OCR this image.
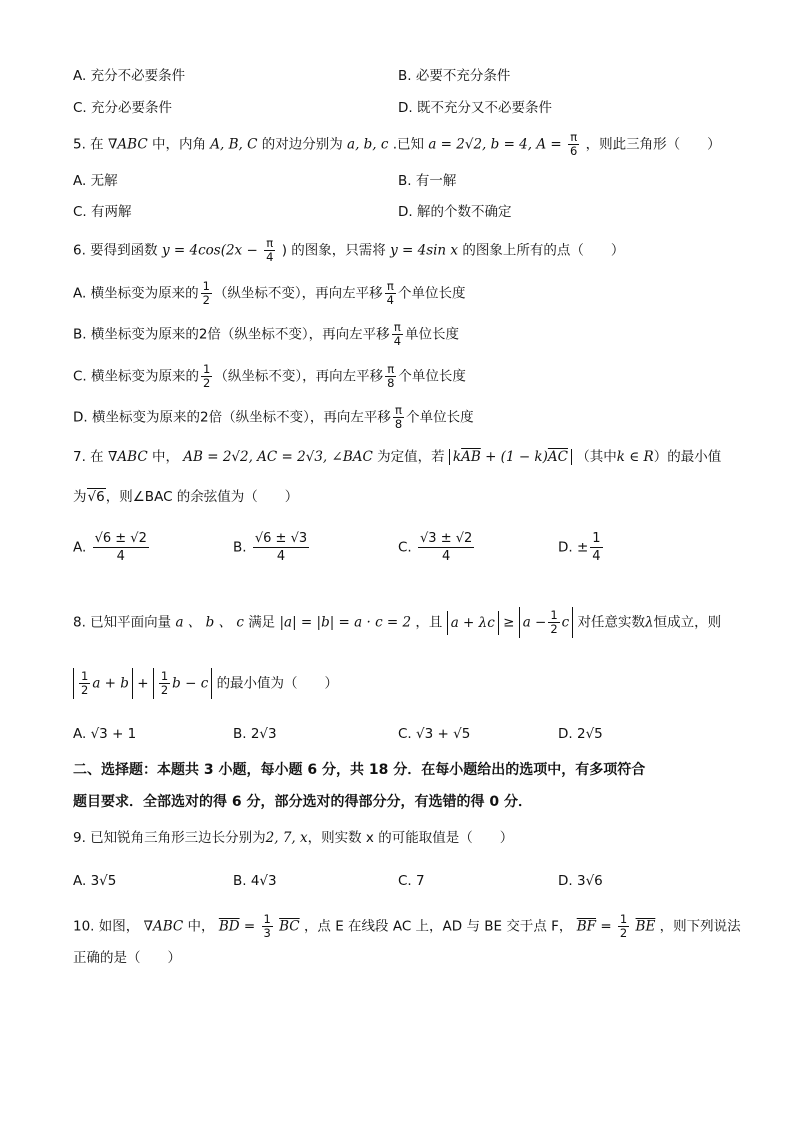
A. 充分不必要条件	B. 必要不充分条件
C. 充分必要条件	D. 既不充分又不必要条件
5. 在 ∇ABC 中，内角 A, B, C 的对边分别为 a, b, c .已知 a = 2√2, b = 4, $A = \frac{\pi}{6}$ ，则此三角形（　　）
A. 无解	B. 有一解
C. 有两解	D. 解的个数不确定
6. 要得到函数 $y = 4\cos(2x - \frac{\pi}{4}$ ) 的图象，只需将 y = 4sin x 的图象上所有的点（　　）
A. 横坐标变为原来的 $\frac{1}{2}$ （纵坐标不变），再向左平移 $\frac{\pi}{4}$ 个单位长度
B. 横坐标变为原来的2倍（纵坐标不变），再向左平移 $\frac{\pi}{4}$ 单位长度
C. 横坐标变为原来的 $\frac{1}{2}$ （纵坐标不变），再向左平移 $\frac{\pi}{8}$ 个单位长度
D. 横坐标变为原来的2倍（纵坐标不变），再向左平移 $\frac{\pi}{8}$ 个单位长度
7. 在 ∇ABC 中， AB = 2√2, AC = 2√3, ∠BAC 为定值，若 $k\overline{AB} + (1 - k)\overline{AC}$ （其中k ∈ R）的最小值
为√6，则∠BAC 的余弦值为（　　）
A. $\frac{√6 \pm √2}{4}$	B. $\frac{√6 \pm √3}{4}$	C. $\frac{√3 \pm √2}{4}$	D. ± $\frac{1}{4}$
8. 已知平面向量 a 、 b 、 c 满足 |a| = |b| = a · c = 2 ，且 $a + \lambda c \ge a - \frac{1}{2}$ c 对任意实数λ恒成立，则
$\frac{1}{2}$ $a + b + \frac{1}{2}$ b − c 的最小值为（　　）
A. √3 + 1	B. 2√3	C. √3 + √5	D. 2√5
二、选择题：本题共 3 小题，每小题 6 分，共 18 分．在每小题给出的选项中，有多项符合
题目要求．全部选对的得 6 分，部分选对的得部分分，有选错的得 0 分．
9. 已知锐角三角形三边长分别为2, 7, x，则实数 x 的可能取值是（　　）
A. 3√5	B. 4√3	C. 7	D. 3√6
10. 如图， ∇ABC 中， $\overline{BD} = \frac{1}{3} \overline{BC}$ ，点 E 在线段 AC 上，AD 与 BE 交于点 F， $\overline{BF} = \frac{1}{2} \overline{BE}$ ，则下列说法
正确的是（　　）
